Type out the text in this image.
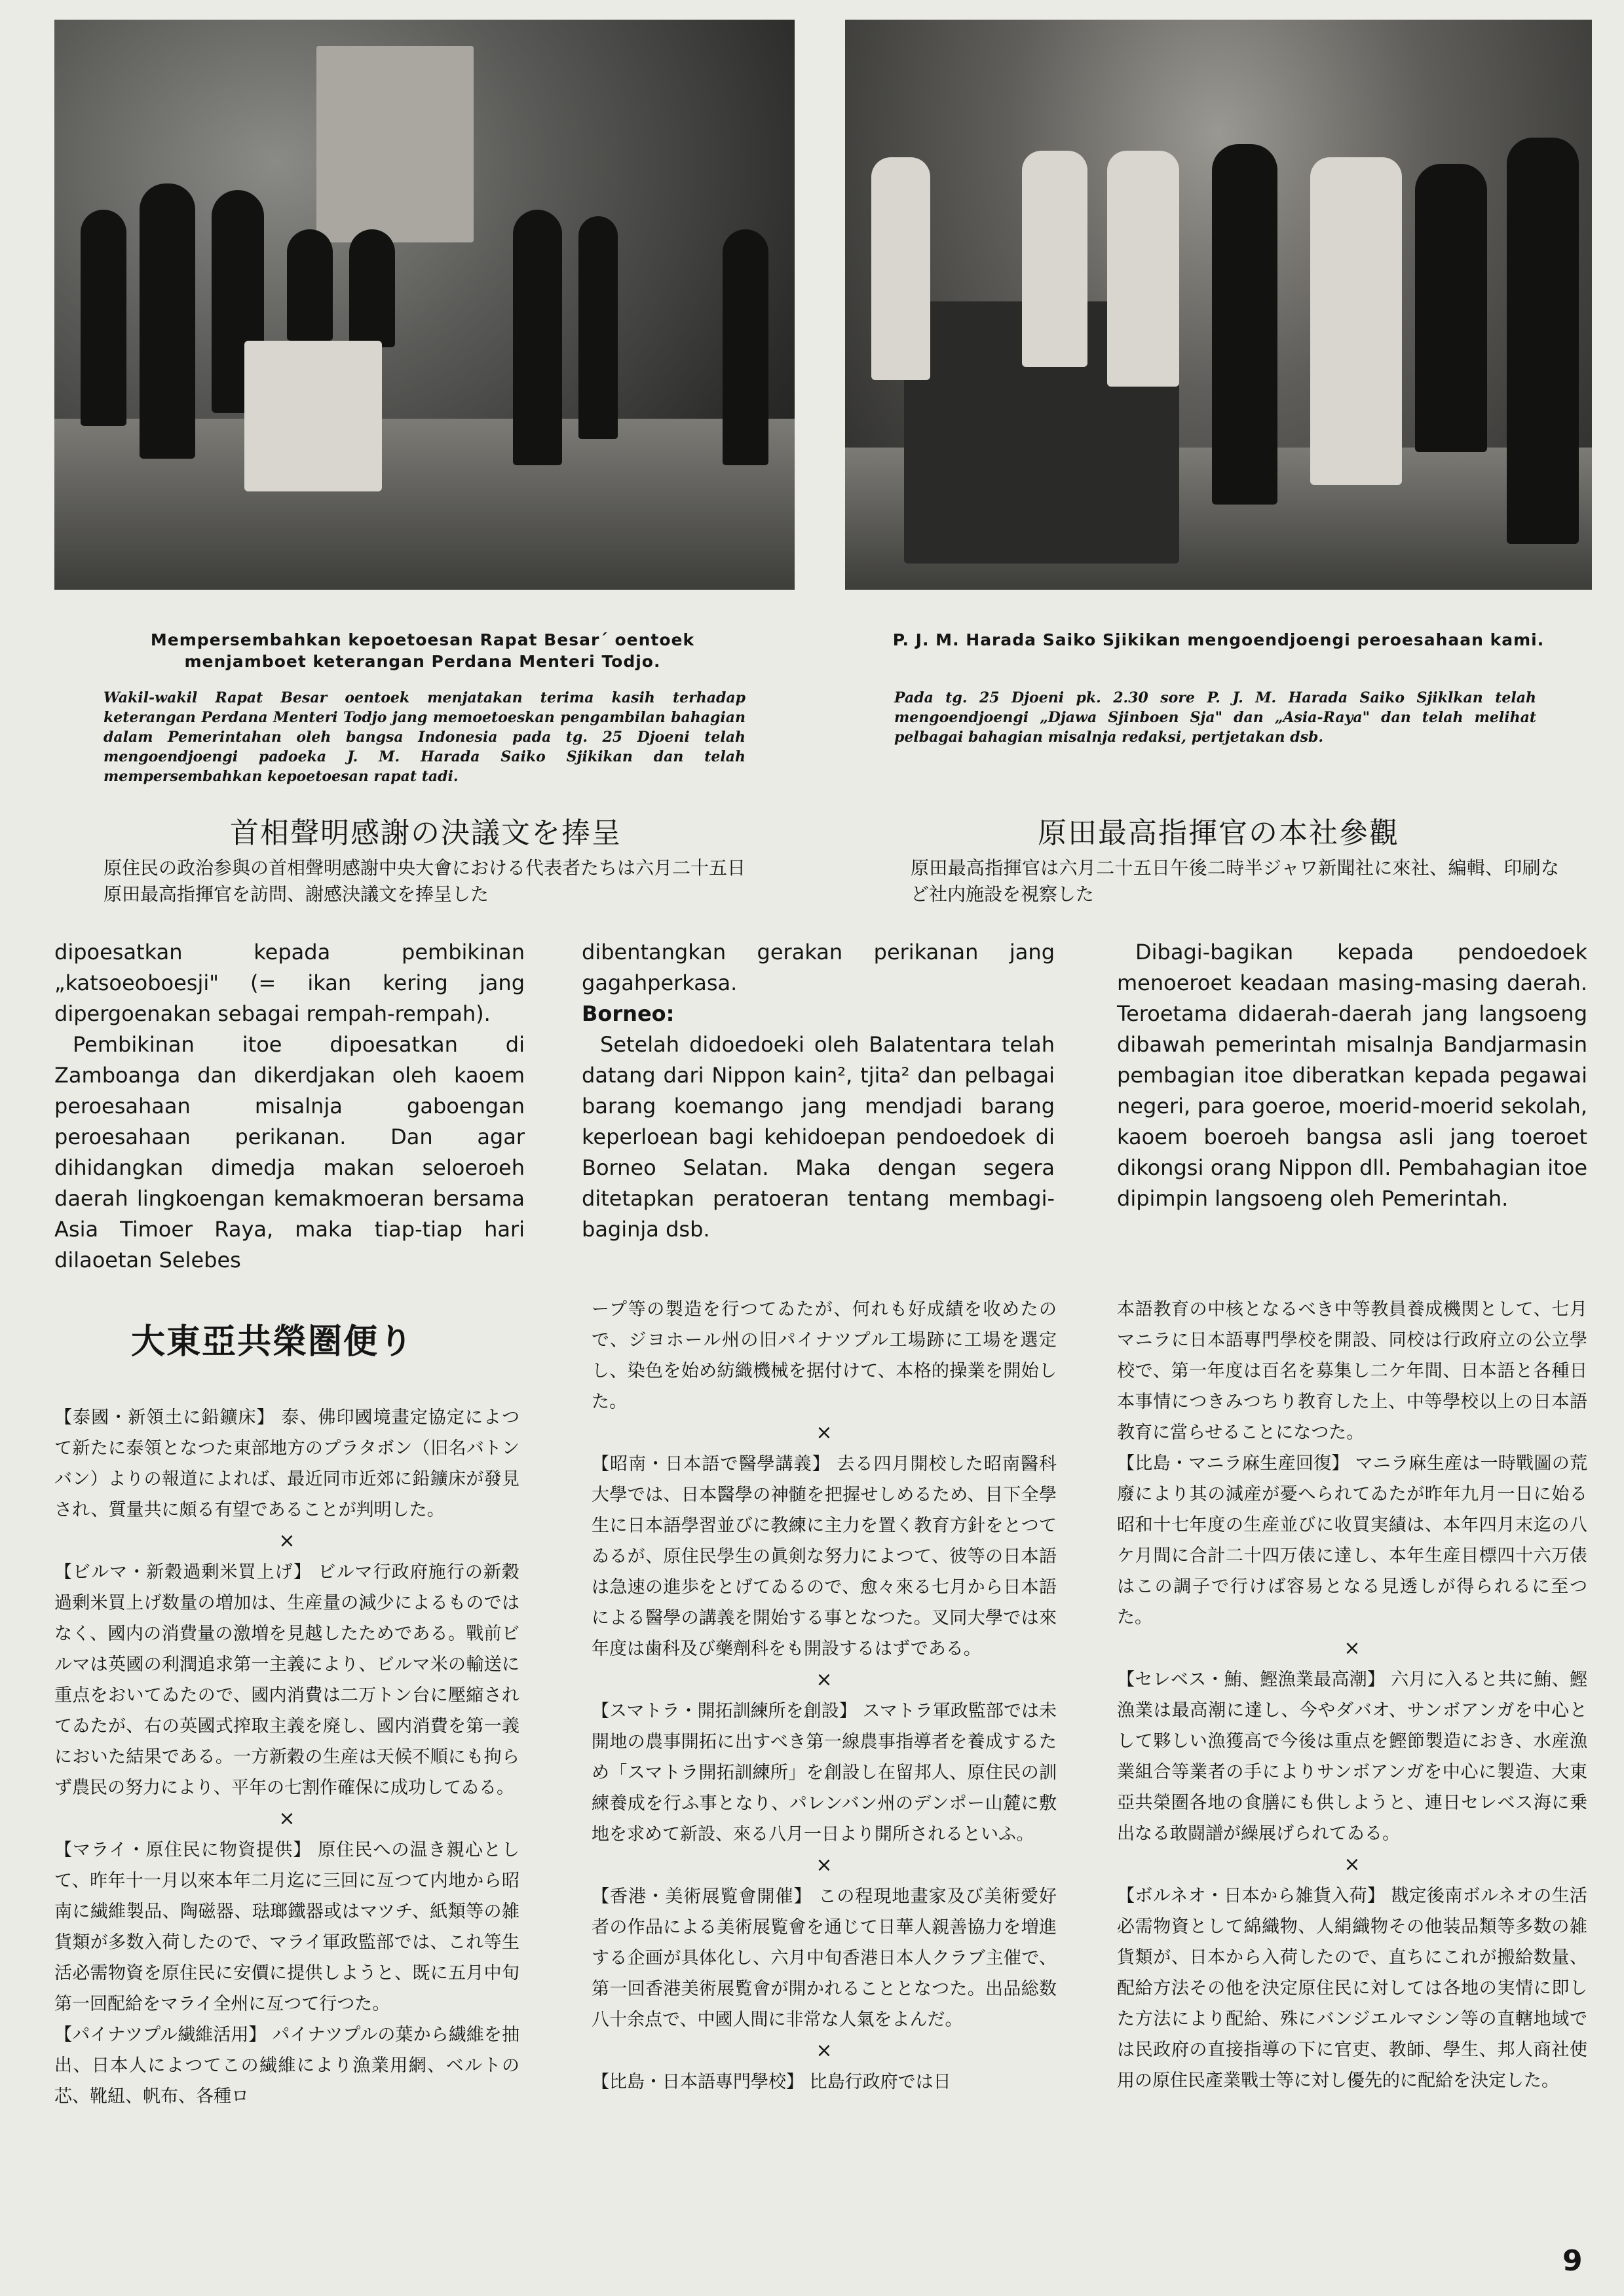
Mempersembahkan kepoetoesan Rapat Besar´ oentoek menjamboet keterangan Perdana Menteri Todjo.
Wakil-wakil Rapat Besar oentoek menjatakan terima kasih terhadap keterangan Perdana Menteri Todjo jang memoetoeskan pengambilan bahagian dalam Pemerintahan oleh bangsa Indonesia pada tg. 25 Djoeni telah mengoendjoengi padoeka J. M. Harada Saiko Sjikikan dan telah mempersembahkan kepoetoesan rapat tadi.
首相聲明感謝の決議文を捧呈
原住民の政治参與の首相聲明感謝中央大會における代表者たちは六月二十五日原田最高指揮官を訪問、謝感決議文を捧呈した
P. J. M. Harada Saiko Sjikikan mengoendjoengi peroesahaan kami.
Pada tg. 25 Djoeni pk. 2.30 sore P. J. M. Harada Saiko Sjiklkan telah mengoendjoengi „Djawa Sjinboen Sja" dan „Asia-Raya" dan telah melihat pelbagai bahagian misalnja redaksi, pertjetakan dsb.
原田最高指揮官の本社參觀
原田最高指揮官は六月二十五日午後二時半ジャワ新聞社に來社、編輯、印刷など社内施設を視察した

dipoesatkan kepada pembikinan „katsoeoboesji" (= ikan kering jang dipergoenakan sebagai rempah-rempah).

Pembikinan itoe dipoesatkan di Zamboanga dan dikerdjakan oleh kaoem peroesahaan misalnja gaboengan peroesahaan perikanan. Dan agar dihidangkan dimedja makan seloeroeh daerah lingkoengan kemakmoeran bersama Asia Timoer Raya, maka tiap-tiap hari dilaoetan Selebes

dibentangkan gerakan perikanan jang gagahperkasa.

Borneo:

Setelah didoedoeki oleh Balatentara telah datang dari Nippon kain², tjita² dan pelbagai barang koemango jang mendjadi barang keperloean bagi kehidoepan pendoedoek di Borneo Selatan. Maka dengan segera ditetapkan peratoeran tentang membagi-baginja dsb.

Dibagi-bagikan kepada pendoedoek menoeroet keadaan masing-masing daerah. Teroetama didaerah-daerah jang langsoeng dibawah pemerintah misalnja Bandjarmasin pembagian itoe diberatkan kepada pegawai negeri, para goeroe, moerid-moerid sekolah, kaoem boeroeh bangsa asli jang toeroet dikongsi orang Nippon dll. Pembahagian itoe dipimpin langsoeng oleh Pemerintah.

大東亞共榮圏便り

【泰國・新領土に鉛鑛床】 泰、佛印國境畫定協定によつて新たに泰領となつた東部地方のプラタボン（旧名バトンバン）よりの報道によれば、最近同市近郊に鉛鑛床が發見され、質量共に頗る有望であることが判明した。

×

【ビルマ・新穀過剰米買上げ】 ビルマ行政府施行の新穀過剰米買上げ数量の増加は、生産量の減少によるものではなく、國内の消費量の激増を見越したためである。戰前ビルマは英國の利潤追求第一主義により、ビルマ米の輸送に重点をおいてゐたので、國内消費は二万トン台に壓縮されてゐたが、右の英國式搾取主義を廃し、國内消費を第一義においた結果である。一方新穀の生産は天候不順にも拘らず農民の努力により、平年の七割作確保に成功してゐる。

×

【マライ・原住民に物資提供】 原住民への温き親心として、昨年十一月以來本年二月迄に三回に亙つて内地から昭南に繊維製品、陶磁器、琺瑯鐵器或はマツチ、紙類等の雑貨類が多数入荷したので、マライ軍政監部では、これ等生活必需物資を原住民に安價に提供しようと、既に五月中旬第一回配給をマライ全州に亙つて行つた。

【パイナツプル繊維活用】 パイナツプルの葉から繊維を抽出、日本人によつてこの繊維により漁業用網、ベルトの芯、靴紐、帆布、各種ロ

ープ等の製造を行つてゐたが、何れも好成績を收めたので、ジヨホール州の旧パイナツプル工場跡に工場を選定し、染色を始め紡織機械を据付けて、本格的操業を開始した。

×

【昭南・日本語で醫學講義】 去る四月開校した昭南醫科大學では、日本醫學の神髄を把握せしめるため、目下全學生に日本語學習並びに教練に主力を置く教育方針をとつてゐるが、原住民學生の眞剣な努力によつて、彼等の日本語は急速の進歩をとげてゐるので、愈々來る七月から日本語による醫學の講義を開始する事となつた。叉同大學では來年度は歯科及び藥劑科をも開設するはずである。

×

【スマトラ・開拓訓練所を創設】 スマトラ軍政監部では未開地の農事開拓に出すべき第一線農事指導者を養成するため「スマトラ開拓訓練所」を創設し在留邦人、原住民の訓練養成を行ふ事となり、パレンバン州のデンポー山麓に敷地を求めて新設、來る八月一日より開所されるといふ。

×

【香港・美術展覧會開催】 この程現地畫家及び美術愛好者の作品による美術展覧會を通じて日華人親善協力を増進する企画が具体化し、六月中旬香港日本人クラブ主催で、第一回香港美術展覧會が開かれることとなつた。出品総数八十余点で、中國人間に非常な人氣をよんだ。

×

【比島・日本語專門學校】 比島行政府では日

本語教育の中核となるべき中等教員養成機関として、七月マニラに日本語專門學校を開設、同校は行政府立の公立學校で、第一年度は百名を募集し二ケ年間、日本語と各種日本事情につきみつちり教育した上、中等學校以上の日本語教育に當らせることになつた。

【比島・マニラ麻生産回復】 マニラ麻生産は一時戰圖の荒廢により其の減産が憂へられてゐたが昨年九月一日に始る昭和十七年度の生産並びに收買実績は、本年四月末迄の八ケ月間に合計二十四万俵に達し、本年生産目標四十六万俵はこの調子で行けば容易となる見透しが得られるに至つた。

×

【セレベス・鮪、鰹漁業最高潮】 六月に入ると共に鮪、鰹漁業は最高潮に達し、今やダバオ、サンボアンガを中心として夥しい漁獲高で今後は重点を鰹節製造におき、水産漁業組合等業者の手によりサンボアンガを中心に製造、大東亞共榮圏各地の食膳にも供しようと、連日セレベス海に乗出なる敢闘譜が繰展げられてゐる。

×

【ボルネオ・日本から雑貨入荷】 戡定後南ボルネオの生活必需物資として綿織物、人絹織物その他装品類等多数の雑貨類が、日本から入荷したので、直ちにこれが搬給数量、配給方法その他を決定原住民に対しては各地の実情に即した方法により配給、殊にバンジエルマシン等の直轄地域では民政府の直接指導の下に官吏、教師、學生、邦人商社使用の原住民產業戰士等に対し優先的に配給を決定した。

9
